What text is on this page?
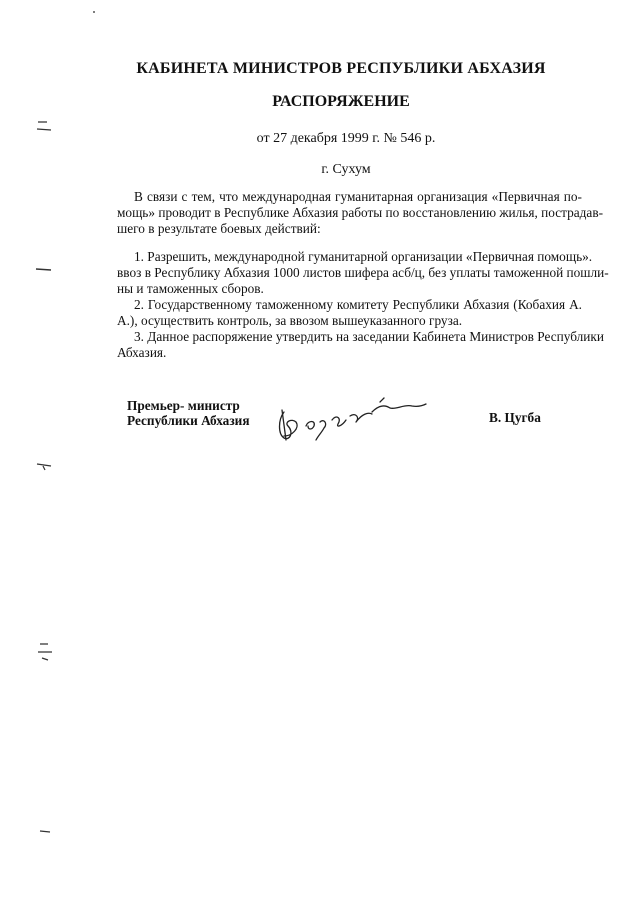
КАБИНЕТА МИНИСТРОВ РЕСПУБЛИКИ АБХАЗИЯ
РАСПОРЯЖЕНИЕ
от 27 декабря 1999 г. № 546 р.
г. Сухум
В связи с тем, что международная гуманитарная организация «Первичная по-
мощь» проводит в Республике Абхазия работы по восстановлению жилья, пострадав-
шего в результате боевых действий:
1. Разрешить, международной гуманитарной организации «Первичная помощь».
ввоз в Республику Абхазия 1000 листов шифера асб/ц, без уплаты таможенной пошли-
ны и таможенных сборов.
2. Государственному таможенному комитету Республики Абхазия (Кобахия А.
А.), осуществить контроль, за ввозом вышеуказанного груза.
3. Данное распоряжение утвердить на заседании Кабинета Министров Республики
Абхазия.
Премьер- министр
Республики Абхазия	В. Цугба
